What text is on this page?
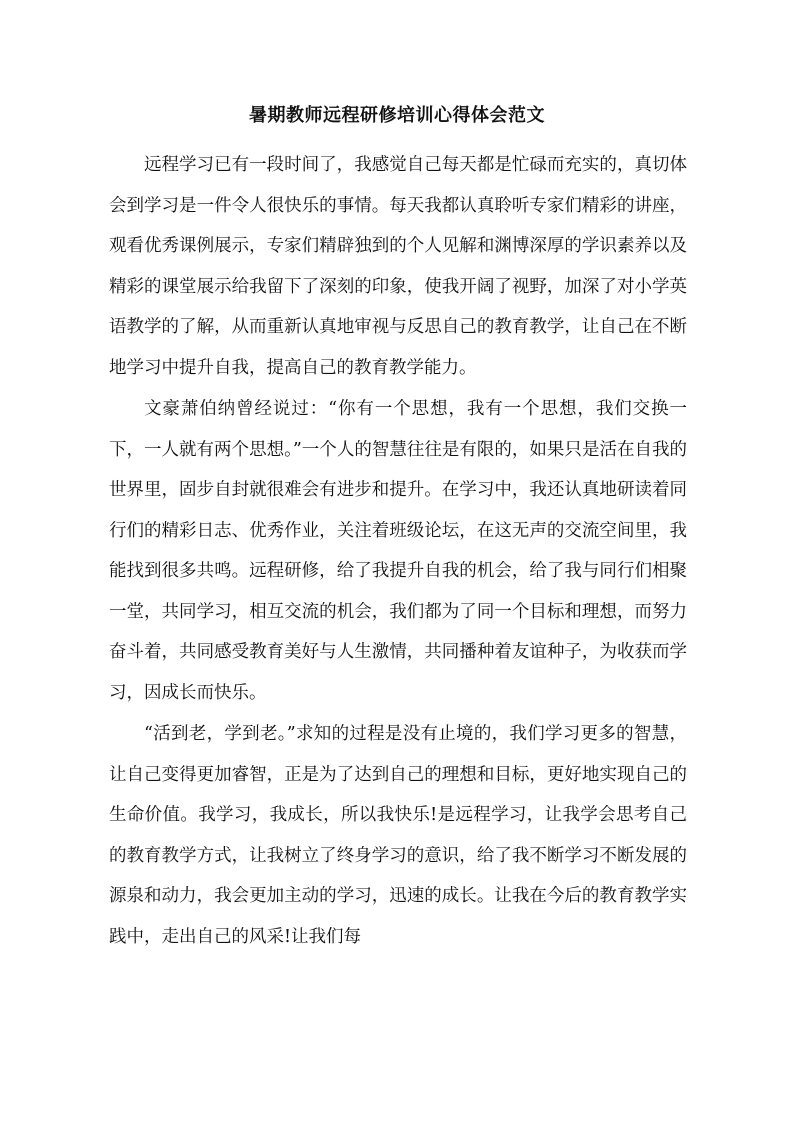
暑期教师远程研修培训心得体会范文

远程学习已有一段时间了，我感觉自己每天都是忙碌而充实的，真切体会到学习是一件令人很快乐的事情。每天我都认真聆听专家们精彩的讲座，观看优秀课例展示，专家们精辟独到的个人见解和渊博深厚的学识素养以及精彩的课堂展示给我留下了深刻的印象，使我开阔了视野，加深了对小学英语教学的了解，从而重新认真地审视与反思自己的教育教学，让自己在不断地学习中提升自我，提高自己的教育教学能力。

文豪萧伯纳曾经说过：“你有一个思想，我有一个思想，我们交换一下，一人就有两个思想。”一个人的智慧往往是有限的，如果只是活在自我的世界里，固步自封就很难会有进步和提升。在学习中，我还认真地研读着同行们的精彩日志、优秀作业，关注着班级论坛，在这无声的交流空间里，我能找到很多共鸣。远程研修，给了我提升自我的机会，给了我与同行们相聚一堂，共同学习，相互交流的机会，我们都为了同一个目标和理想，而努力奋斗着，共同感受教育美好与人生激情，共同播种着友谊种子，为收获而学习，因成长而快乐。

“活到老，学到老。”求知的过程是没有止境的，我们学习更多的智慧，让自己变得更加睿智，正是为了达到自己的理想和目标，更好地实现自己的生命价值。我学习，我成长，所以我快乐!是远程学习，让我学会思考自己的教育教学方式，让我树立了终身学习的意识，给了我不断学习不断发展的源泉和动力，我会更加主动的学习，迅速的成长。让我在今后的教育教学实践中，走出自己的风采!让我们每
